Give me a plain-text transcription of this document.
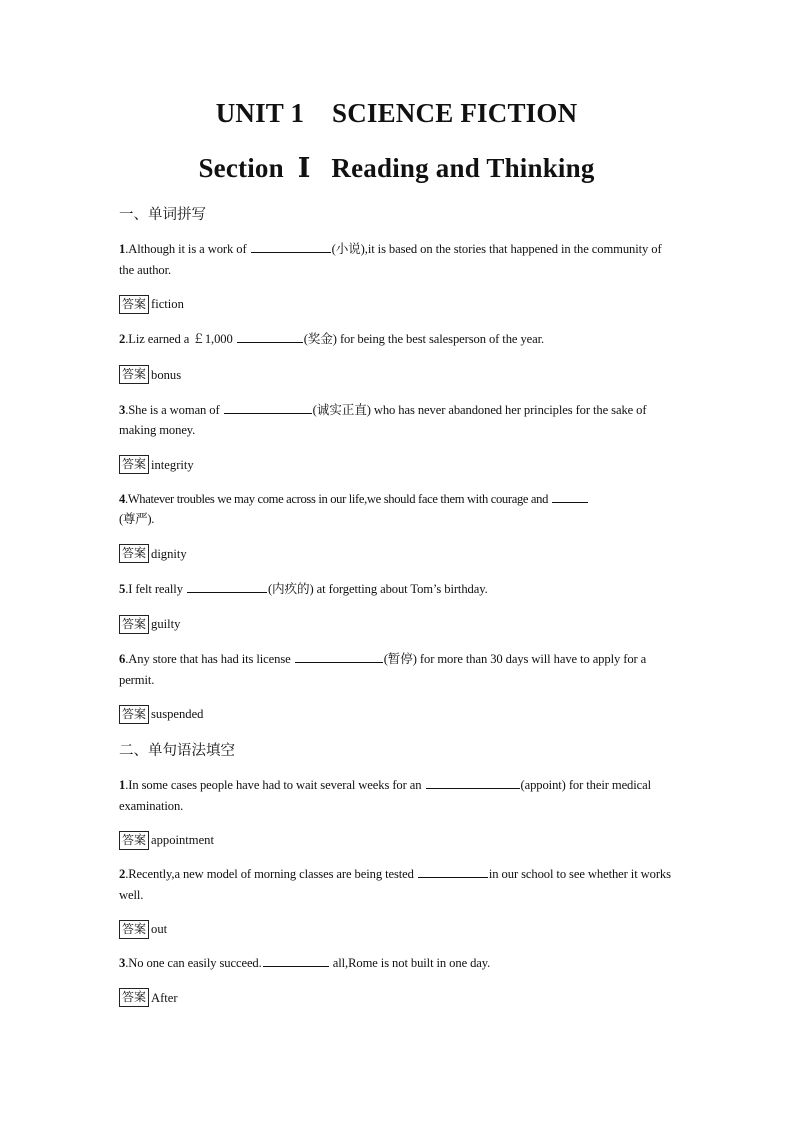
UNIT 1    SCIENCE FICTION
Section  Ⅰ   Reading and Thinking

一、单词拼写

1.Although it is a work of	(小说),it is based on the stories that happened in the community of the author.

答案 fiction

2.Liz earned a ￡1,000	(奖金) for being the best salesperson of the year.

答案 bonus

3.She is a woman of	(诚实正直) who has never abandoned her principles for the sake of making money.

答案 integrity

4.Whatever troubles we may come across in our life,we should face them with courage and
(尊严).

答案 dignity

5.I felt really	(内疚的) at forgetting about Tom’s birthday.

答案 guilty

6.Any store that has had its license	(暂停) for more than 30 days will have to apply for a permit.

答案 suspended

二、单句语法填空

1.In some cases people have had to wait several weeks for an	(appoint) for their medical examination.

答案 appointment

2.Recently,a new model of morning classes are being tested	in our school to see whether it works well.

答案 out

3.No one can easily succeed.	all,Rome is not built in one day.

答案 After
